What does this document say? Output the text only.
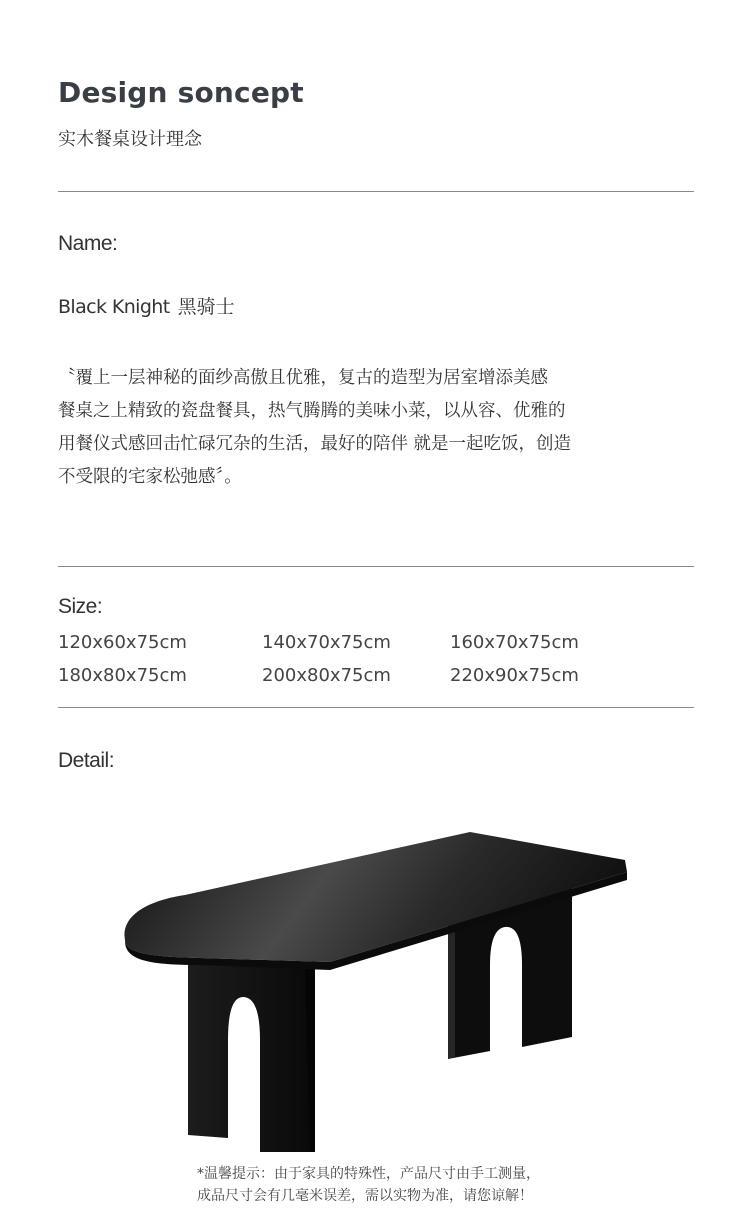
Design soncept
实木餐桌设计理念
Name:
Black Knight 黑骑士

〝覆上一层神秘的面纱高傲且优雅，复古的造型为居室增添美感

餐桌之上精致的瓷盘餐具，热气腾腾的美味小菜，以从容、优雅的

用餐仪式感回击忙碌冗杂的生活，最好的陪伴 就是一起吃饭，创造

不受限的宅家松弛感〞。

Size:
120x60x75cm	140x70x75cm	160x70x75cm
180x80x75cm	200x80x75cm	220x90x75cm
Detail:

*温馨提示：由于家具的特殊性，产品尺寸由手工测量，

成品尺寸会有几毫米误差，需以实物为准，请您谅解！
